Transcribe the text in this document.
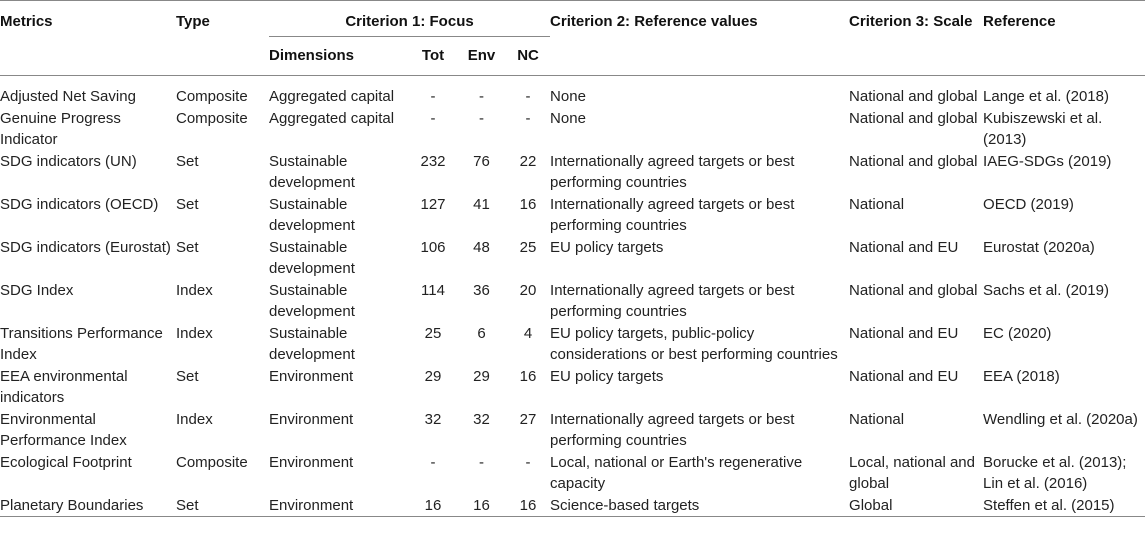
Metrics	Type	Criterion 1: Focus				Criterion 2: Reference values	Criterion 3: Scale	Reference
		Dimensions	Tot	Env	NC			
Adjusted Net Saving	Composite	Aggregated capital	-	-	-	None	National and global	Lange et al. (2018)
Genuine Progress Indicator	Composite	Aggregated capital	-	-	-	None	National and global	Kubiszewski et al. (2013)
SDG indicators (UN)	Set	Sustainable development	232	76	22	Internationally agreed targets or best performing countries	National and global	IAEG-SDGs (2019)
SDG indicators (OECD)	Set	Sustainable development	127	41	16	Internationally agreed targets or best performing countries	National	OECD (2019)
SDG indicators (Eurostat)	Set	Sustainable development	106	48	25	EU policy targets	National and EU	Eurostat (2020a)
SDG Index	Index	Sustainable development	114	36	20	Internationally agreed targets or best performing countries	National and global	Sachs et al. (2019)
Transitions Performance Index	Index	Sustainable development	25	6	4	EU policy targets, public-policy considerations or best performing countries	National and EU	EC (2020)
EEA environmental indicators	Set	Environment	29	29	16	EU policy targets	National and EU	EEA (2018)
Environmental Performance Index	Index	Environment	32	32	27	Internationally agreed targets or best performing countries	National	Wendling et al. (2020a)
Ecological Footprint	Composite	Environment	-	-	-	Local, national or Earth's regenerative capacity	Local, national and global	Borucke et al. (2013); Lin et al. (2016)
Planetary Boundaries	Set	Environment	16	16	16	Science-based targets	Global	Steffen et al. (2015)
